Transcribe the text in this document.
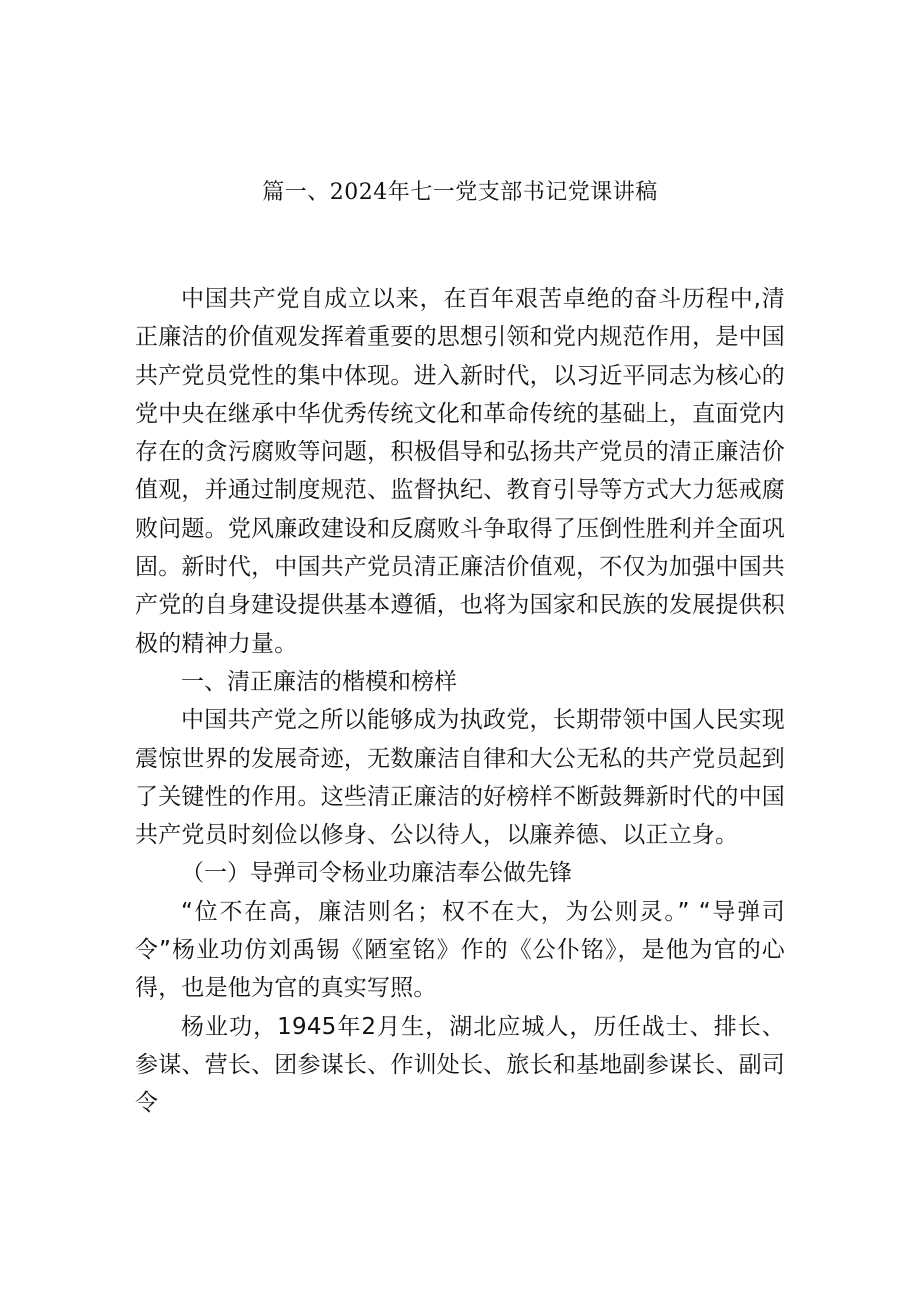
篇一、2024年七一党支部书记党课讲稿

中国共产党自成立以来，在百年艰苦卓绝的奋斗历程中,清正廉洁的价值观发挥着重要的思想引领和党内规范作用，是中国共产党员党性的集中体现。进入新时代，以习近平同志为核心的党中央在继承中华优秀传统文化和革命传统的基础上，直面党内存在的贪污腐败等问题，积极倡导和弘扬共产党员的清正廉洁价值观，并通过制度规范、监督执纪、教育引导等方式大力惩戒腐败问题。党风廉政建设和反腐败斗争取得了压倒性胜利并全面巩固。新时代，中国共产党员清正廉洁价值观，不仅为加强中国共产党的自身建设提供基本遵循，也将为国家和民族的发展提供积极的精神力量。

一、清正廉洁的楷模和榜样

中国共产党之所以能够成为执政党，长期带领中国人民实现震惊世界的发展奇迹，无数廉洁自律和大公无私的共产党员起到了关键性的作用。这些清正廉洁的好榜样不断鼓舞新时代的中国共产党员时刻俭以修身、公以待人，以廉养德、以正立身。

（一）导弹司令杨业功廉洁奉公做先锋

“位不在高，廉洁则名；权不在大，为公则灵。” “导弹司令”杨业功仿刘禹锡《陋室铭》作的《公仆铭》，是他为官的心得，也是他为官的真实写照。

杨业功，1945年2月生，湖北应城人，历任战士、排长、参谋、营长、团参谋长、作训处长、旅长和基地副参谋长、副司令
